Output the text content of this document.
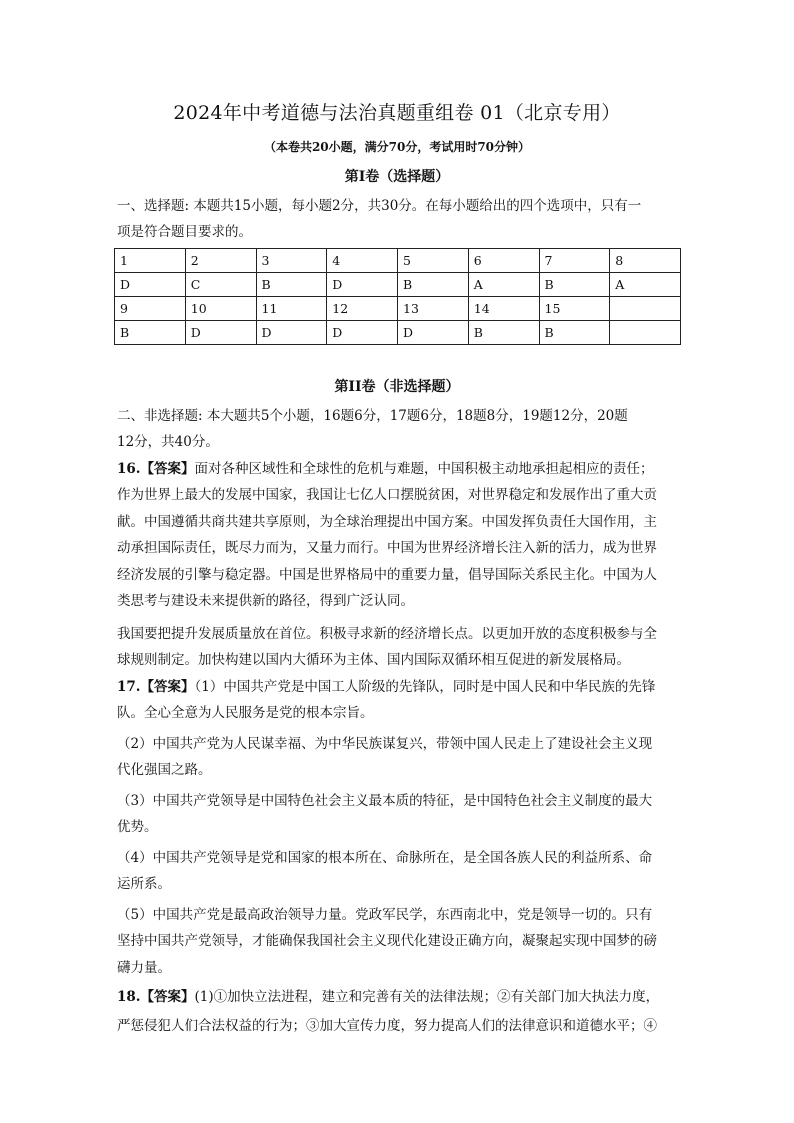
2024年中考道德与法治真题重组卷 01（北京专用）
（本卷共20小题，满分70分，考试用时70分钟）
第I卷（选择题）
一、选择题: 本题共15小题，每小题2分，共30分。在每小题给出的四个选项中，只有一
项是符合题目要求的。
1	2	3	4	5	6	7	8
D	C	B	D	B	A	B	A
9	10	11	12	13	14	15	
B	D	D	D	D	B	B	
第II卷（非选择题）
二、非选择题: 本大题共5个小题，16题6分，17题6分，18题8分，19题12分，20题
12分，共40分。
16.【答案】面对各种区域性和全球性的危机与难题，中国积极主动地承担起相应的责任；
作为世界上最大的发展中国家，我国让七亿人口摆脱贫困，对世界稳定和发展作出了重大贡
献。中国遵循共商共建共享原则，为全球治理提出中国方案。中国发挥负责任大国作用，主
动承担国际责任，既尽力而为，又量力而行。中国为世界经济增长注入新的活力，成为世界
经济发展的引擎与稳定器。中国是世界格局中的重要力量，倡导国际关系民主化。中国为人
类思考与建设未来提供新的路径，得到广泛认同。
我国要把提升发展质量放在首位。积极寻求新的经济增长点。以更加开放的态度积极参与全
球规则制定。加快构建以国内大循环为主体、国内国际双循环相互促进的新发展格局。
17.【答案】（1）中国共产党是中国工人阶级的先锋队，同时是中国人民和中华民族的先锋
队。全心全意为人民服务是党的根本宗旨。
（2）中国共产党为人民谋幸福、为中华民族谋复兴，带领中国人民走上了建设社会主义现
代化强国之路。
（3）中国共产党领导是中国特色社会主义最本质的特征，是中国特色社会主义制度的最大
优势。
（4）中国共产党领导是党和国家的根本所在、命脉所在，是全国各族人民的利益所系、命
运所系。
（5）中国共产党是最高政治领导力量。党政军民学，东西南北中，党是领导一切的。只有
坚持中国共产党领导，才能确保我国社会主义现代化建设正确方向，凝聚起实现中国梦的磅
礴力量。
18.【答案】(1)①加快立法进程，建立和完善有关的法律法规；②有关部门加大执法力度，
严惩侵犯人们合法权益的行为；③加大宣传力度，努力提高人们的法律意识和道德水平；④
